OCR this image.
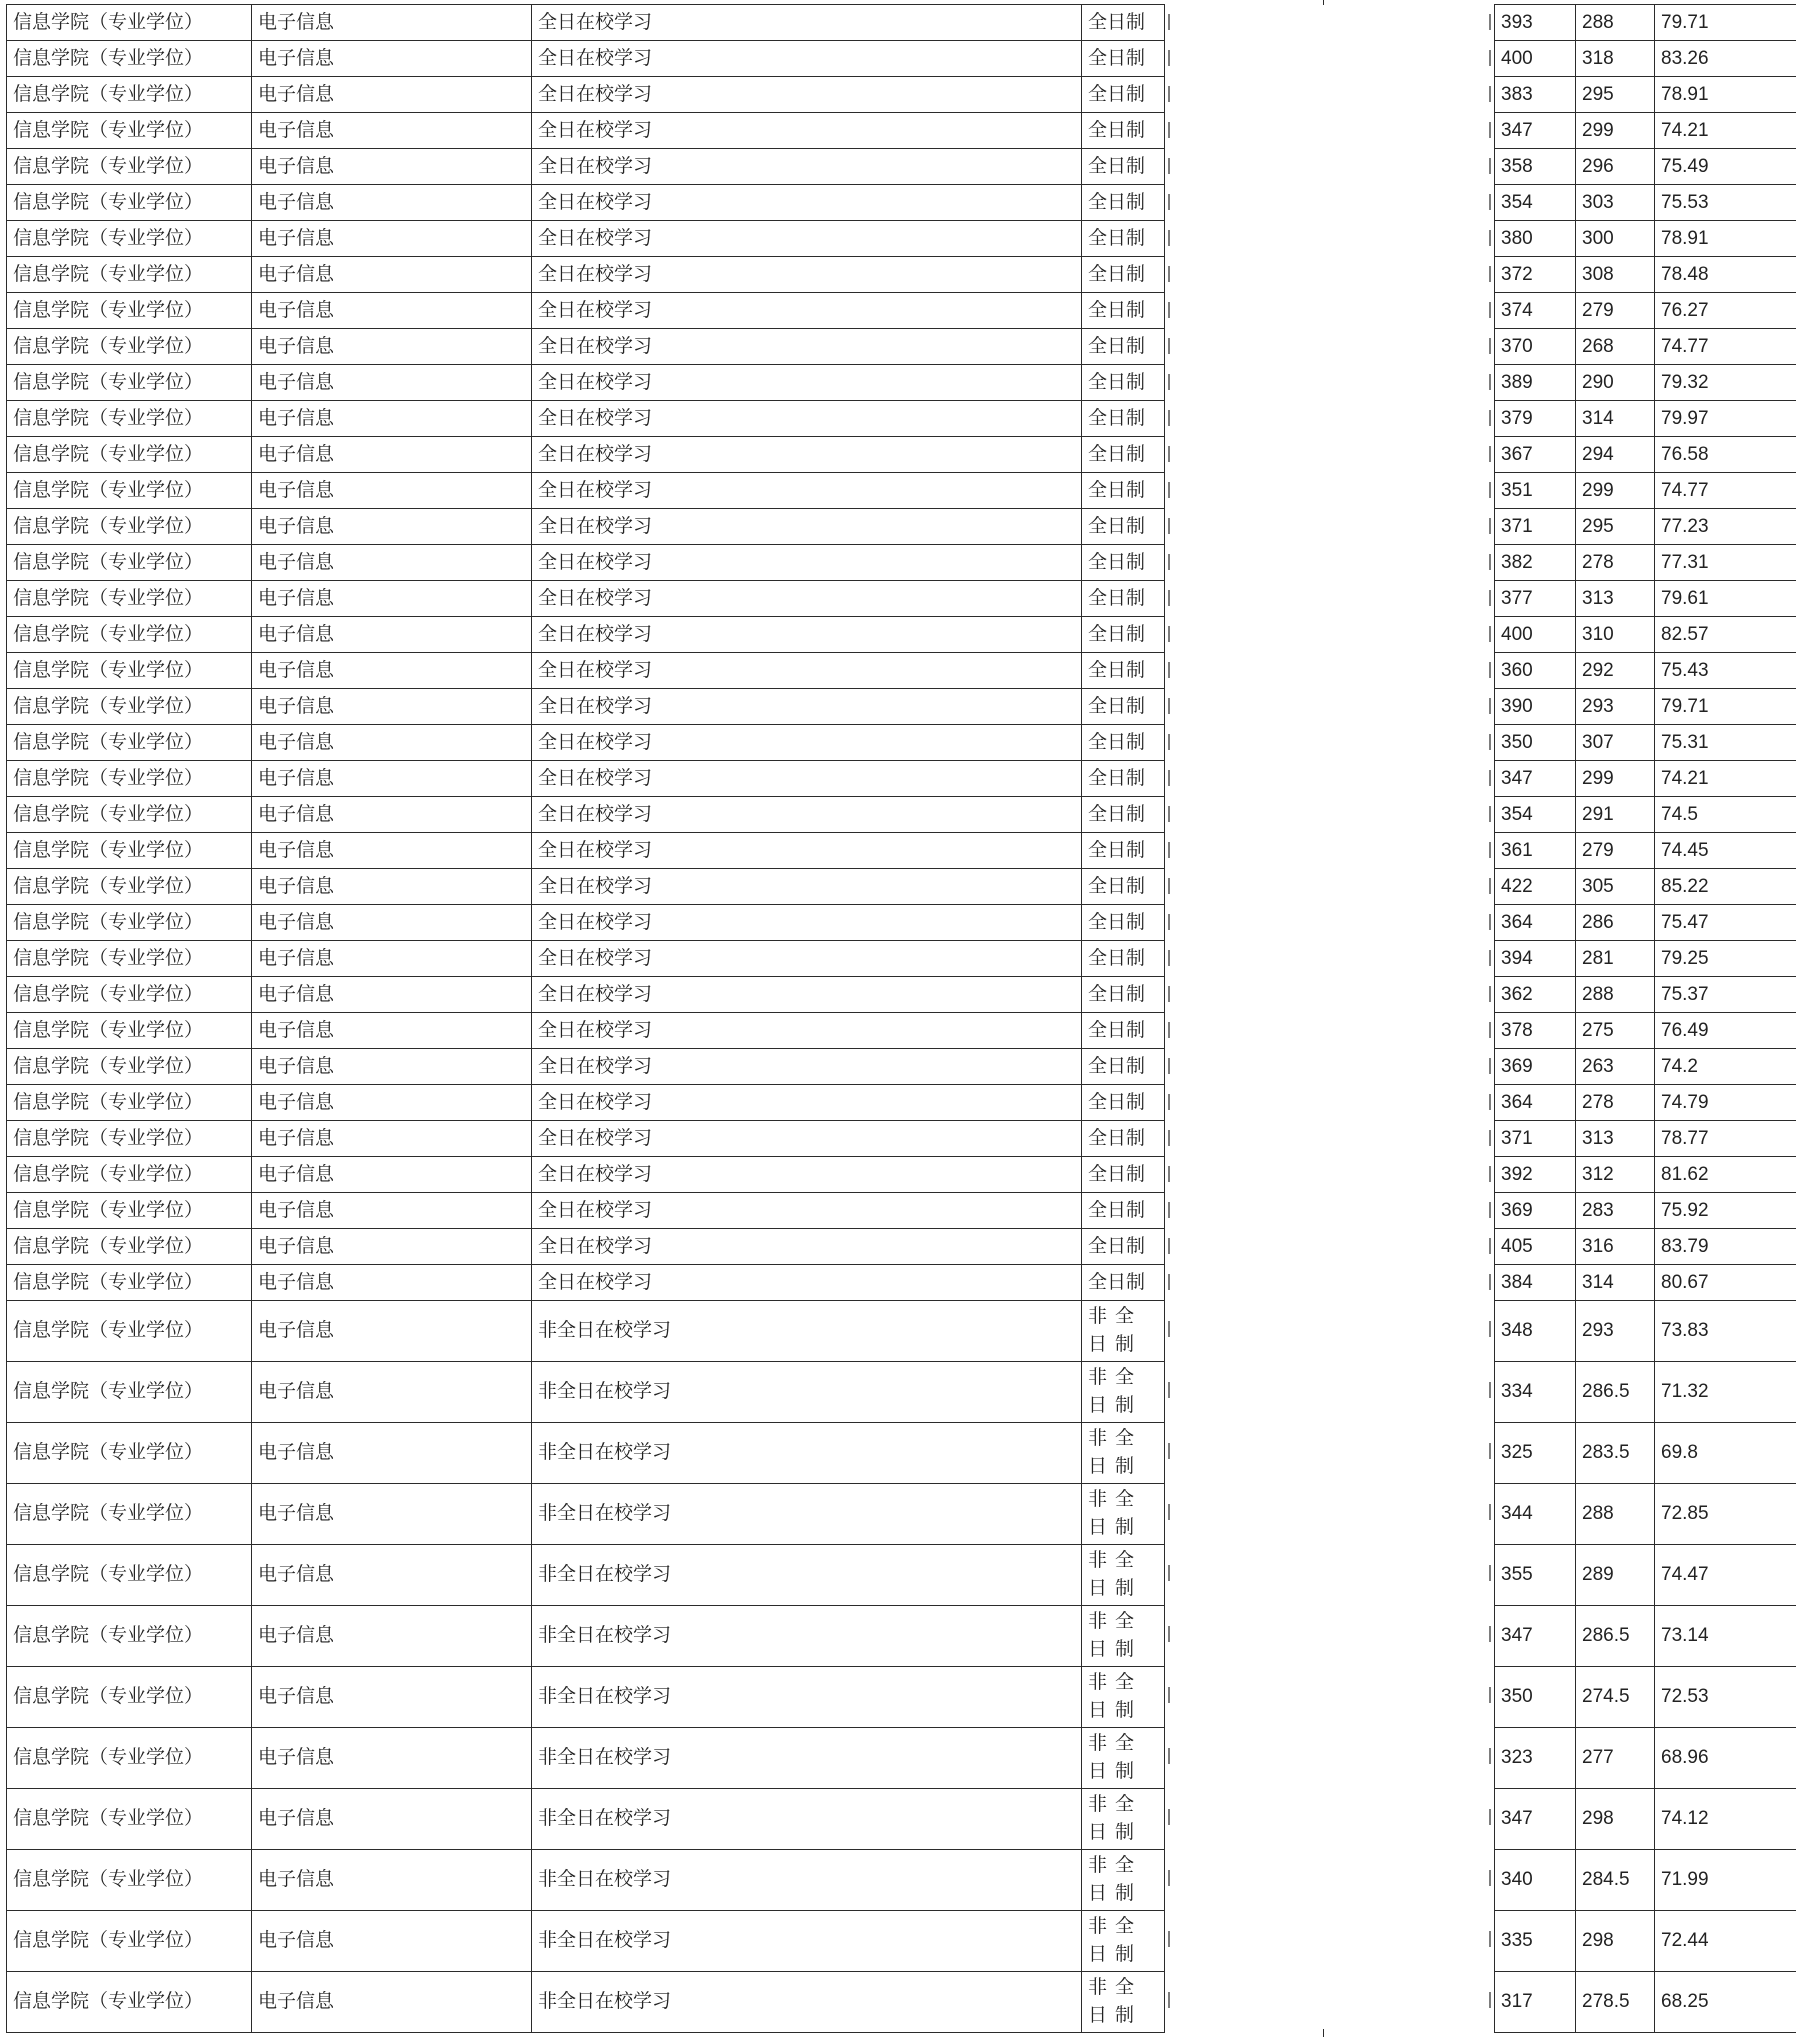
信息学院（专业学位）	电子信息	全日在校学习	全日制		393	288	79.71
信息学院（专业学位）	电子信息	全日在校学习	全日制		400	318	83.26
信息学院（专业学位）	电子信息	全日在校学习	全日制		383	295	78.91
信息学院（专业学位）	电子信息	全日在校学习	全日制		347	299	74.21
信息学院（专业学位）	电子信息	全日在校学习	全日制		358	296	75.49
信息学院（专业学位）	电子信息	全日在校学习	全日制		354	303	75.53
信息学院（专业学位）	电子信息	全日在校学习	全日制		380	300	78.91
信息学院（专业学位）	电子信息	全日在校学习	全日制		372	308	78.48
信息学院（专业学位）	电子信息	全日在校学习	全日制		374	279	76.27
信息学院（专业学位）	电子信息	全日在校学习	全日制		370	268	74.77
信息学院（专业学位）	电子信息	全日在校学习	全日制		389	290	79.32
信息学院（专业学位）	电子信息	全日在校学习	全日制		379	314	79.97
信息学院（专业学位）	电子信息	全日在校学习	全日制		367	294	76.58
信息学院（专业学位）	电子信息	全日在校学习	全日制		351	299	74.77
信息学院（专业学位）	电子信息	全日在校学习	全日制		371	295	77.23
信息学院（专业学位）	电子信息	全日在校学习	全日制		382	278	77.31
信息学院（专业学位）	电子信息	全日在校学习	全日制		377	313	79.61
信息学院（专业学位）	电子信息	全日在校学习	全日制		400	310	82.57
信息学院（专业学位）	电子信息	全日在校学习	全日制		360	292	75.43
信息学院（专业学位）	电子信息	全日在校学习	全日制		390	293	79.71
信息学院（专业学位）	电子信息	全日在校学习	全日制		350	307	75.31
信息学院（专业学位）	电子信息	全日在校学习	全日制		347	299	74.21
信息学院（专业学位）	电子信息	全日在校学习	全日制		354	291	74.5
信息学院（专业学位）	电子信息	全日在校学习	全日制		361	279	74.45
信息学院（专业学位）	电子信息	全日在校学习	全日制		422	305	85.22
信息学院（专业学位）	电子信息	全日在校学习	全日制		364	286	75.47
信息学院（专业学位）	电子信息	全日在校学习	全日制		394	281	79.25
信息学院（专业学位）	电子信息	全日在校学习	全日制		362	288	75.37
信息学院（专业学位）	电子信息	全日在校学习	全日制		378	275	76.49
信息学院（专业学位）	电子信息	全日在校学习	全日制		369	263	74.2
信息学院（专业学位）	电子信息	全日在校学习	全日制		364	278	74.79
信息学院（专业学位）	电子信息	全日在校学习	全日制		371	313	78.77
信息学院（专业学位）	电子信息	全日在校学习	全日制		392	312	81.62
信息学院（专业学位）	电子信息	全日在校学习	全日制		369	283	75.92
信息学院（专业学位）	电子信息	全日在校学习	全日制		405	316	83.79
信息学院（专业学位）	电子信息	全日在校学习	全日制		384	314	80.67
信息学院（专业学位）	电子信息	非全日在校学习	非全日制		348	293	73.83
信息学院（专业学位）	电子信息	非全日在校学习	非全日制		334	286.5	71.32
信息学院（专业学位）	电子信息	非全日在校学习	非全日制		325	283.5	69.8
信息学院（专业学位）	电子信息	非全日在校学习	非全日制		344	288	72.85
信息学院（专业学位）	电子信息	非全日在校学习	非全日制		355	289	74.47
信息学院（专业学位）	电子信息	非全日在校学习	非全日制		347	286.5	73.14
信息学院（专业学位）	电子信息	非全日在校学习	非全日制		350	274.5	72.53
信息学院（专业学位）	电子信息	非全日在校学习	非全日制		323	277	68.96
信息学院（专业学位）	电子信息	非全日在校学习	非全日制		347	298	74.12
信息学院（专业学位）	电子信息	非全日在校学习	非全日制		340	284.5	71.99
信息学院（专业学位）	电子信息	非全日在校学习	非全日制		335	298	72.44
信息学院（专业学位）	电子信息	非全日在校学习	非全日制		317	278.5	68.25
